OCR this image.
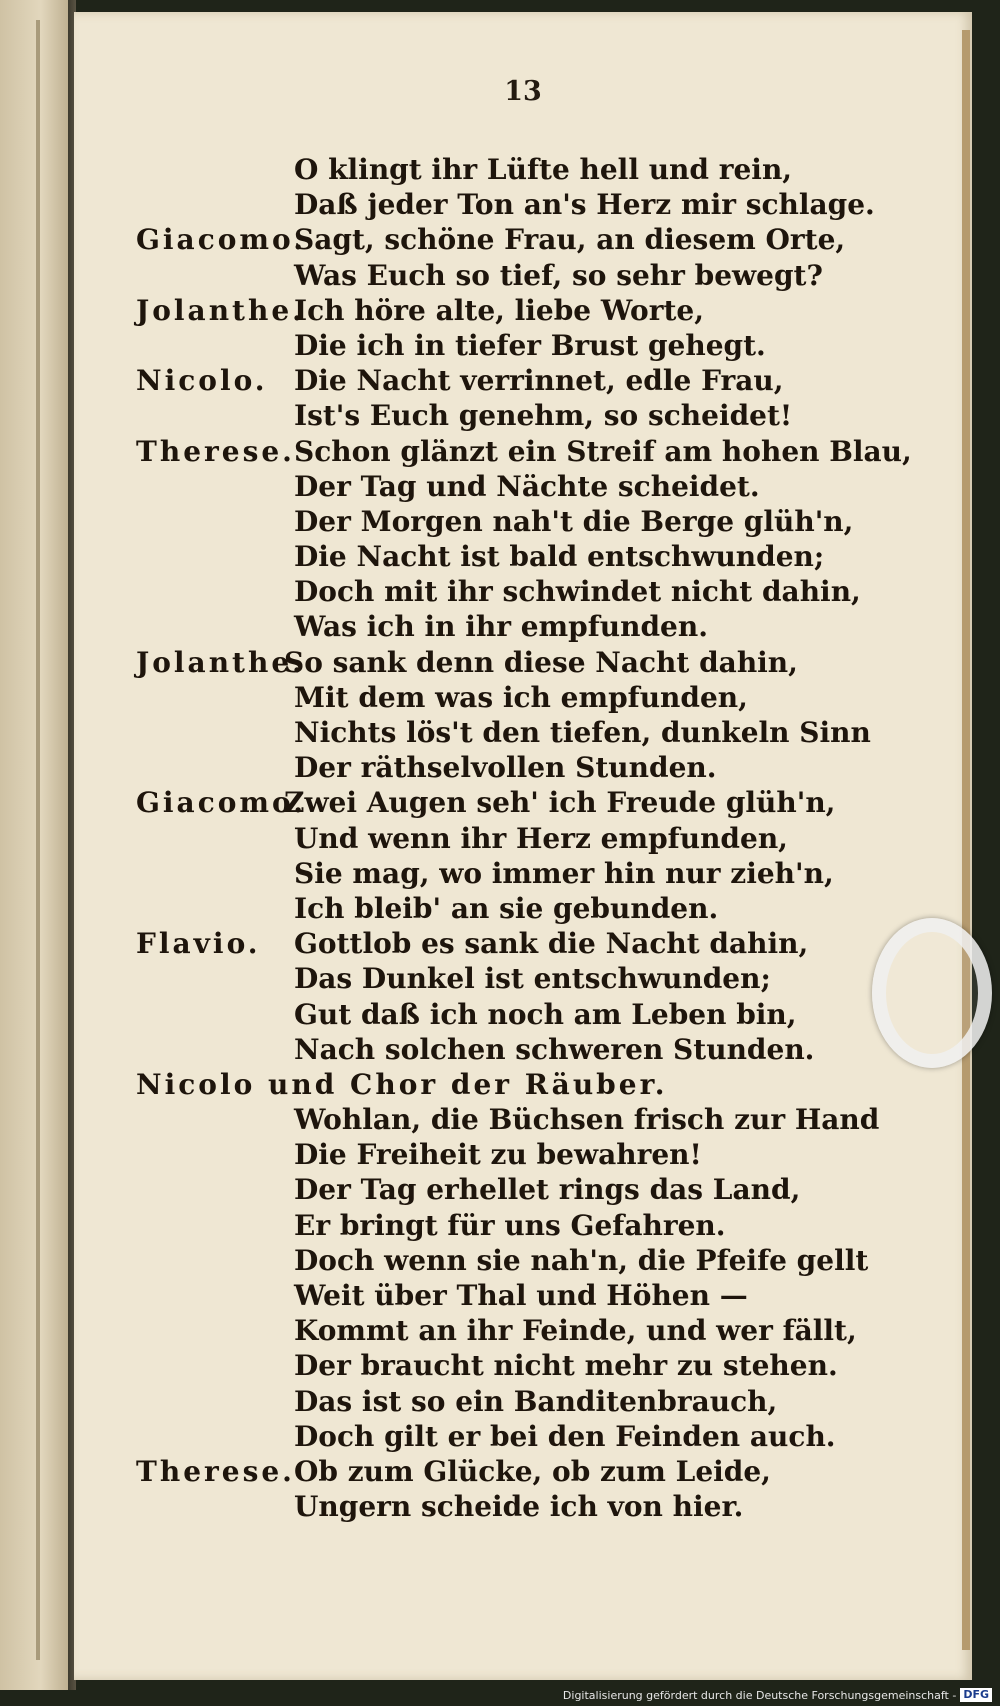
13
O klingt ihr Lüfte hell und rein,
Daß jeder Ton an's Herz mir schlage.
Giacomo.
Sagt, schöne Frau, an diesem Orte,
Was Euch so tief, so sehr bewegt?
Jolanthe.
Ich höre alte, liebe Worte,
Die ich in tiefer Brust gehegt.
Nicolo. Die Nacht verrinnet, edle Frau,
Ist's Euch genehm, so scheidet!
Therese. Schon glänzt ein Streif am hohen Blau,
Der Tag und Nächte scheidet.
Der Morgen nah't die Berge glüh'n,
Die Nacht ist bald entschwunden;
Doch mit ihr schwindet nicht dahin,
Was ich in ihr empfunden.
Jolanthe.
So sank denn diese Nacht dahin,
Mit dem was ich empfunden,
Nichts lös't den tiefen, dunkeln Sinn
Der räthselvollen Stunden.
Giacomo.
Zwei Augen seh' ich Freude glüh'n,
Und wenn ihr Herz empfunden,
Sie mag, wo immer hin nur zieh'n,
Ich bleib' an sie gebunden.
Flavio. Gottlob es sank die Nacht dahin,
Das Dunkel ist entschwunden;
Gut daß ich noch am Leben bin,
Nach solchen schweren Stunden.
Nicolo und Chor der Räuber.
Wohlan, die Büchsen frisch zur Hand
Die Freiheit zu bewahren!
Der Tag erhellet rings das Land,
Er bringt für uns Gefahren.
Doch wenn sie nah'n, die Pfeife gellt
Weit über Thal und Höhen —
Kommt an ihr Feinde, und wer fällt,
Der braucht nicht mehr zu stehen.
Das ist so ein Banditenbrauch,
Doch gilt er bei den Feinden auch.
Therese. Ob zum Glücke, ob zum Leide,
Ungern scheide ich von hier.
Digitalisierung gefördert durch die Deutsche Forschungsgemeinschaft - DFG
